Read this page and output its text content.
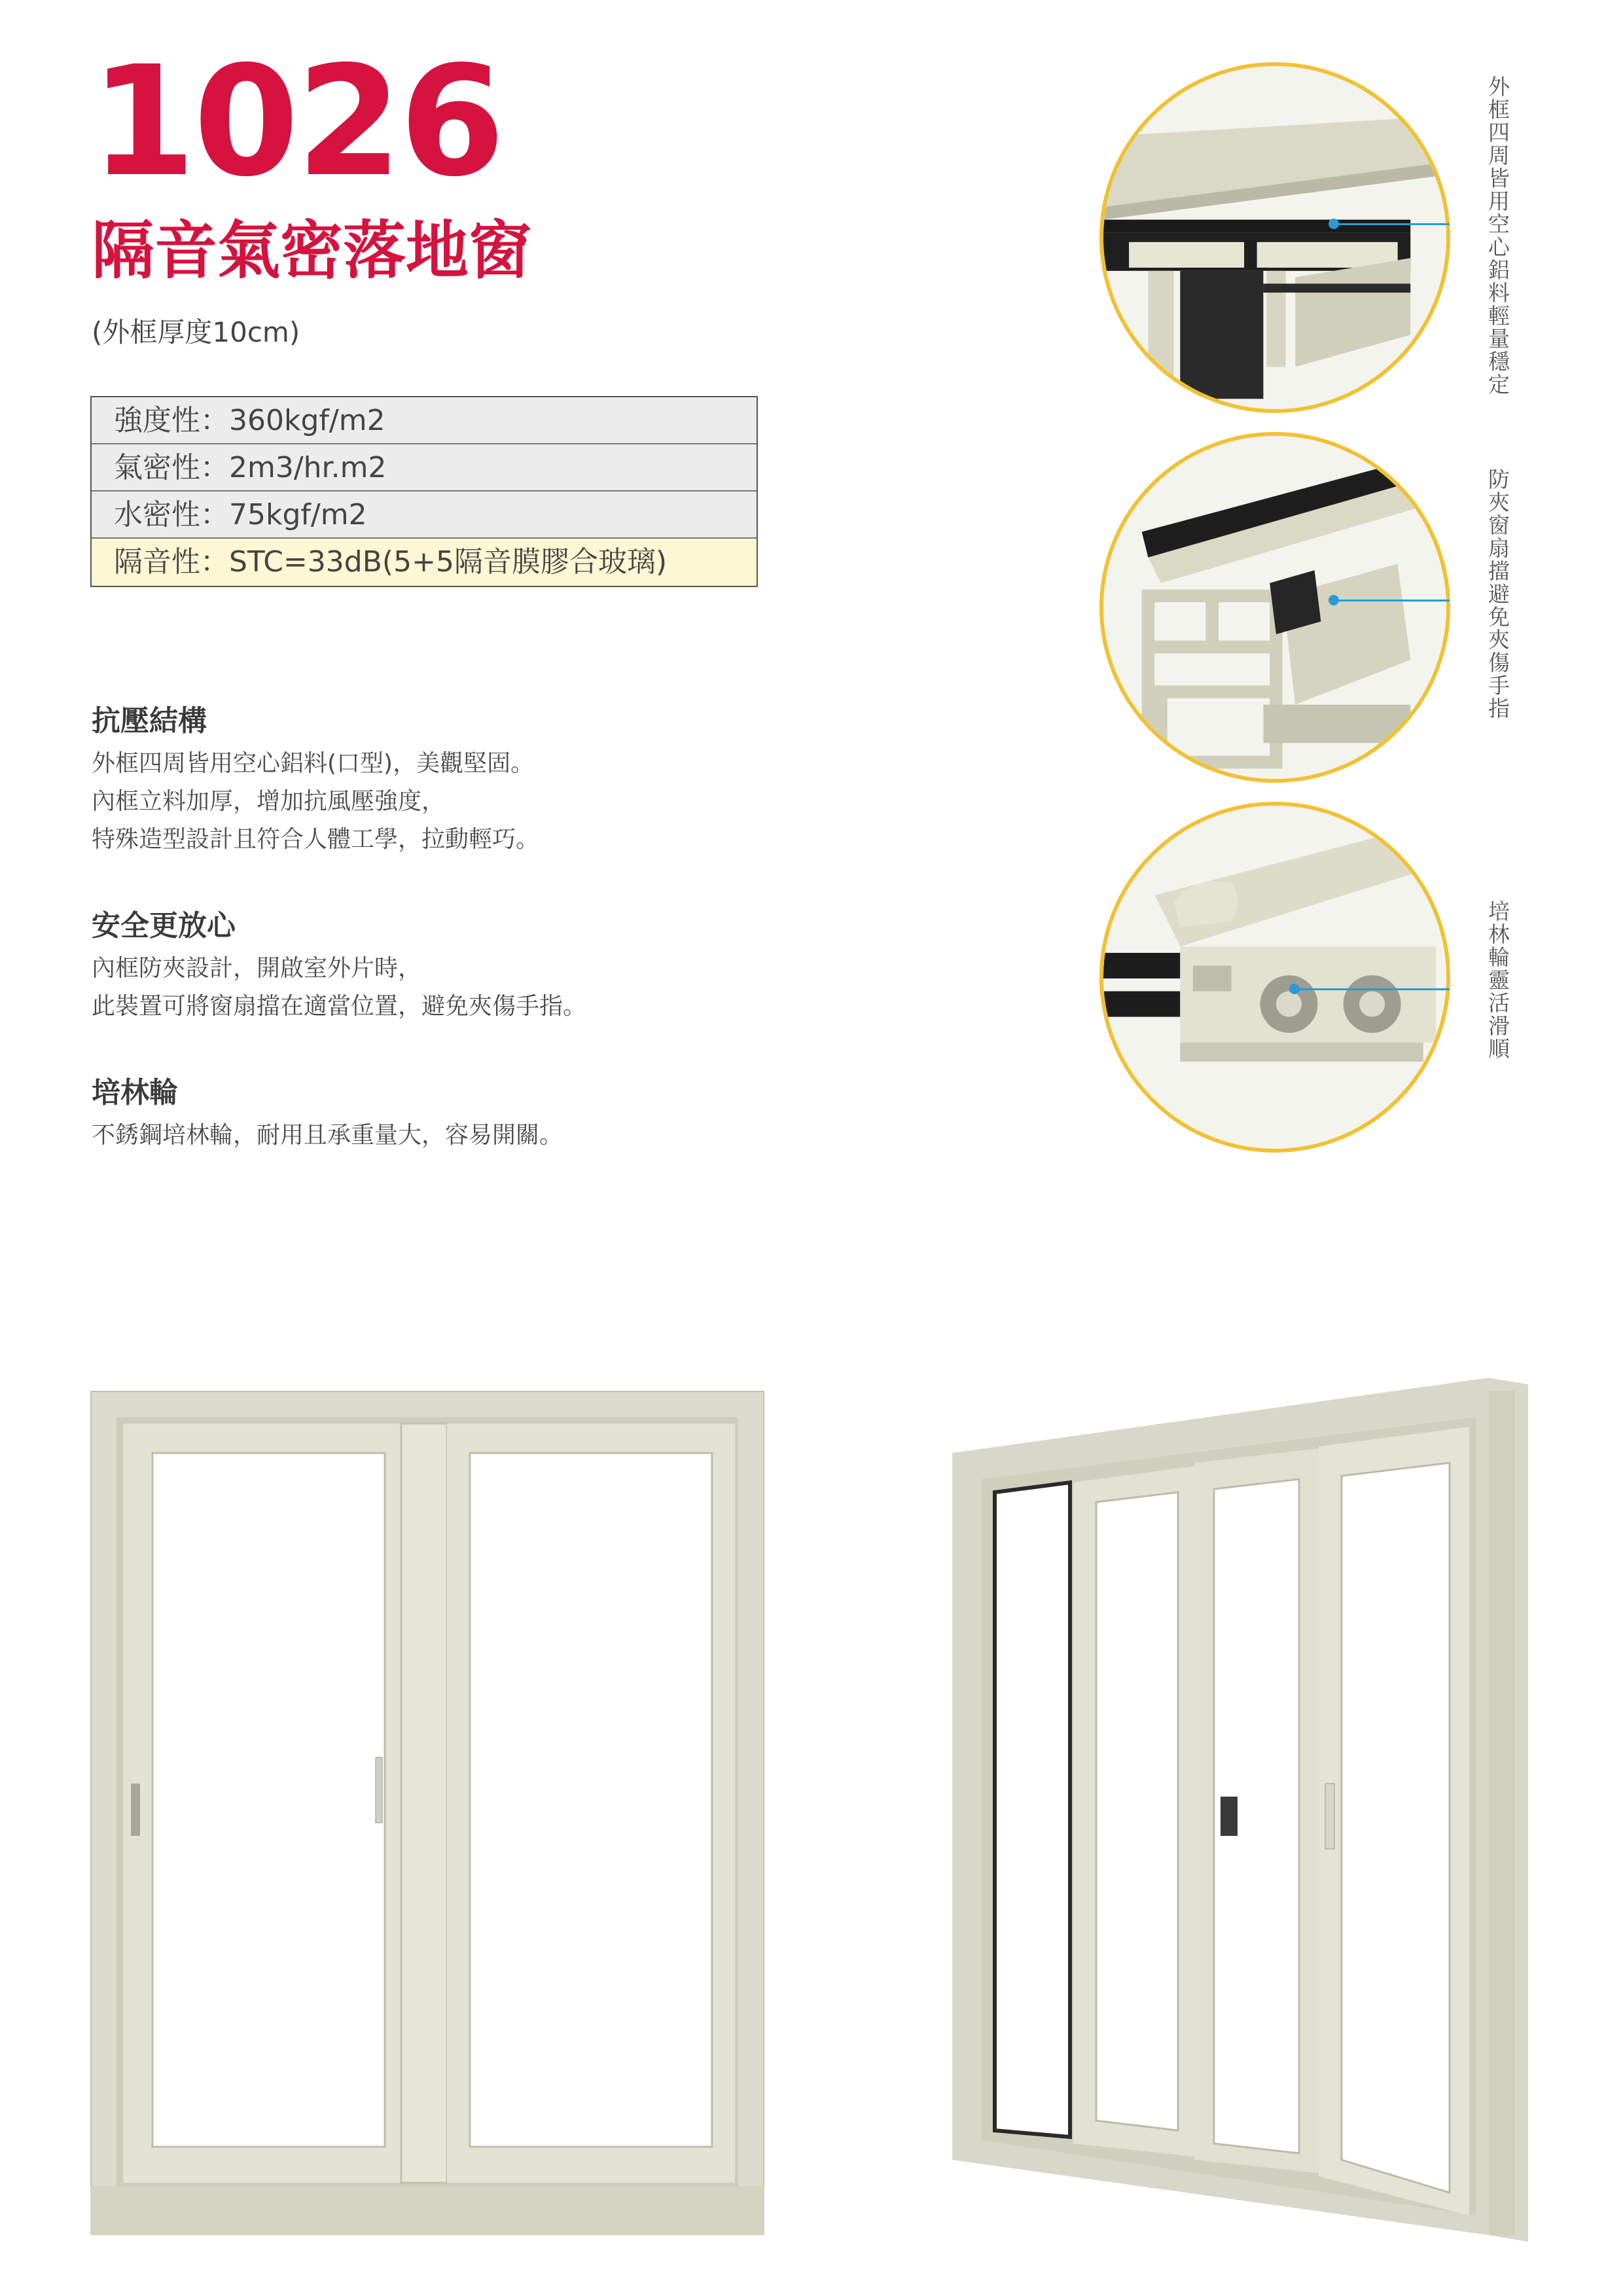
1026
隔音氣密落地窗
(外框厚度10cm)
強度性：360kgf/m2
氣密性：2m3/hr.m2
水密性：75kgf/m2
隔音性：STC=33dB(5+5隔音膜膠合玻璃)
抗壓結構
外框四周皆用空心鋁料(口型)，美觀堅固。
內框立料加厚，增加抗風壓強度，
特殊造型設計且符合人體工學，拉動輕巧。
安全更放心
內框防夾設計，開啟室外片時，
此裝置可將窗扇擋在適當位置，避免夾傷手指。
培林輪
不銹鋼培林輪，耐用且承重量大，容易開關。
外框四周皆用空心鋁料輕量穩定
防夾窗扇擋避免夾傷手指
培林輪靈活滑順
